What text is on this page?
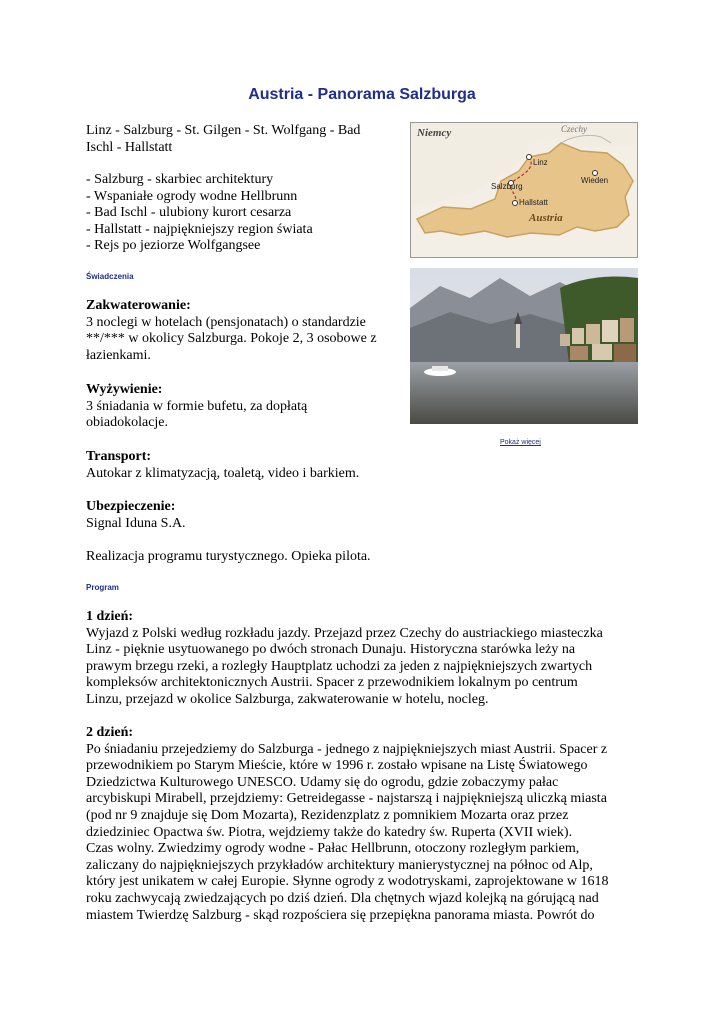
Austria - Panorama Salzburga
Linz - Salzburg - St. Gilgen - St. Wolfgang - Bad
Ischl - Hallstatt
- Salzburg - skarbiec architektury
- Wspaniałe ogrody wodne Hellbrunn
- Bad Ischl - ulubiony kurort cesarza
- Hallstatt - najpiękniejszy region świata
- Rejs po jeziorze Wolfgangsee
Świadczenia
Zakwaterowanie:
3 noclegi w hotelach (pensjonatach) o standardzie
**/*** w okolicy Salzburga. Pokoje 2, 3 osobowe z
łazienkami.
Wyżywienie:
3 śniadania w formie bufetu, za dopłatą
obiadokolacje.
Transport:
Autokar z klimatyzacją, toaletą, video i barkiem.
Ubezpieczenie:
Signal Iduna S.A.
Realizacja programu turystycznego. Opieka pilota.
Program
1 dzień:
Wyjazd z Polski według rozkładu jazdy. Przejazd przez Czechy do austriackiego miasteczka
Linz - pięknie usytuowanego po dwóch stronach Dunaju. Historyczna starówka leży na
prawym brzegu rzeki, a rozległy Hauptplatz uchodzi za jeden z najpiękniejszych zwartych
kompleksów architektonicznych Austrii. Spacer z przewodnikiem lokalnym po centrum
Linzu, przejazd w okolice Salzburga, zakwaterowanie w hotelu, nocleg.
2 dzień:
Po śniadaniu przejedziemy do Salzburga - jednego z najpiękniejszych miast Austrii. Spacer z
przewodnikiem po Starym Mieście, które w 1996 r. zostało wpisane na Listę Światowego
Dziedzictwa Kulturowego UNESCO. Udamy się do ogrodu, gdzie zobaczymy pałac
arcybiskupi Mirabell, przejdziemy: Getreidegasse - najstarszą i najpiękniejszą uliczką miasta
(pod nr 9 znajduje się Dom Mozarta), Rezidenzplatz z pomnikiem Mozarta oraz przez
dziedziniec Opactwa św. Piotra, wejdziemy także do katedry św. Ruperta (XVII wiek).
Czas wolny. Zwiedzimy ogrody wodne - Pałac Hellbrunn, otoczony rozległym parkiem,
zaliczany do najpiękniejszych przykładów architektury manierystycznej na północ od Alp,
który jest unikatem w całej Europie. Słynne ogrody z wodotryskami, zaprojektowane w 1618
roku zachwycają zwiedzających po dziś dzień. Dla chętnych wjazd kolejką na górującą nad
miastem Twierdzę Salzburg - skąd rozpościera się przepiękna panorama miasta. Powrót do
Niemcy	Czechy
Linz
Wieden
Salzburg
Hallstatt
Austria
Pokaż więcej
